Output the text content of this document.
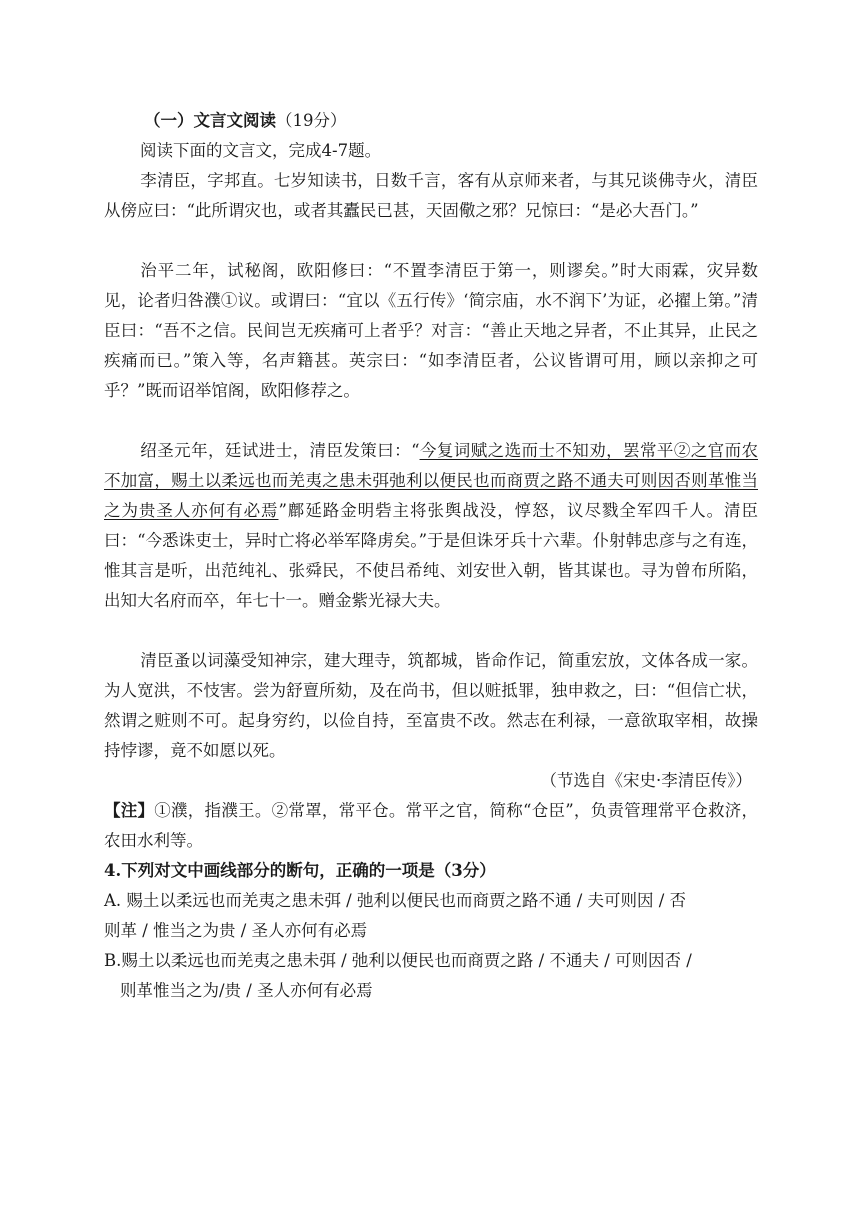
（一）文言文阅读（19分）

阅读下面的文言文，完成4-7题。

李清臣，字邦直。七岁知读书，日数千言，客有从京师来者，与其兄谈佛寺火，清臣从傍应曰：“此所谓灾也，或者其蠹民已甚，天固儆之邪？兄惊曰：“是必大吾门。”

治平二年，试秘阁，欧阳修曰：“不置李清臣于第一，则谬矣。”时大雨霖，灾异数见，论者归咎濮①议。或谓曰：“宜以《五行传》‘简宗庙，水不润下’为证，必擢上第。”清臣曰：“吾不之信。民间岂无疾痛可上者乎？对言：“善止天地之异者，不止其异，止民之疾痛而已。”策入等，名声籍甚。英宗曰：“如李清臣者，公议皆谓可用，顾以亲抑之可乎？”既而诏举馆阁，欧阳修荐之。

绍圣元年，廷试进士，清臣发策曰：“今复词赋之选而士不知劝，罢常平②之官而农不加富，赐土以柔远也而羌夷之患未弭弛利以便民也而商贾之路不通夫可则因否则革惟当之为贵圣人亦何有必焉”鄜延路金明砦主将张舆战没，惇怒，议尽戮全军四千人。清臣曰：“今悉诛吏士，异时亡将必举军降虏矣。”于是但诛牙兵十六辈。仆射韩忠彦与之有连，惟其言是听，出范纯礼、张舜民，不使吕希纯、刘安世入朝，皆其谋也。寻为曾布所陷，出知大名府而卒，年七十一。赠金紫光禄大夫。

清臣蚤以词藻受知神宗，建大理寺，筑都城，皆命作记，简重宏放，文体各成一家。为人宽洪，不忮害。尝为舒亶所劾，及在尚书，但以赃抵罪，独申救之，曰：“但信亡状，然谓之赃则不可。起身穷约，以俭自持，至富贵不改。然志在利禄，一意欲取宰相，故操持悖谬，竟不如愿以死。

（节选自《宋史·李清臣传》）

【注】①濮，指濮王。②常罩，常平仓。常平之官，简称“仓臣”，负责管理常平仓救济，农田水利等。

4.下列对文中画线部分的断句，正确的一项是（3分）

A. 赐土以柔远也而羌夷之患未弭 / 弛利以便民也而商贾之路不通 / 夫可则因 / 否
则革 / 惟当之为贵 / 圣人亦何有必焉

B.赐土以柔远也而羌夷之患未弭 / 弛利以便民也而商贾之路 / 不通夫 / 可则因否 /
则革惟当之为/贵 / 圣人亦何有必焉
